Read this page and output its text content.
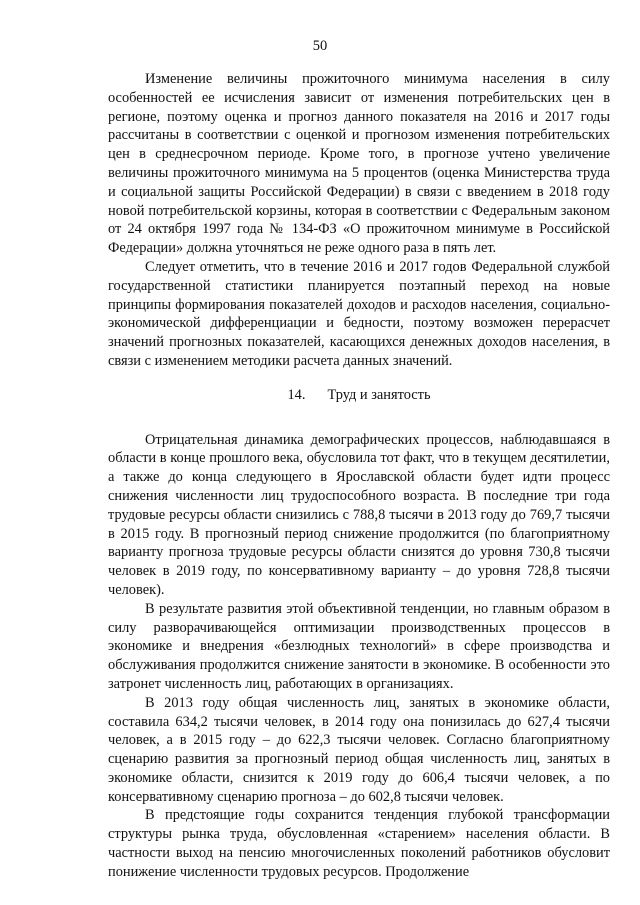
50

Изменение величины прожиточного минимума населения в силу особенностей ее исчисления зависит от изменения потребительских цен в регионе, поэтому оценка и прогноз данного показателя на 2016 и 2017 годы рассчитаны в соответствии с оценкой и прогнозом изменения потребительских цен в среднесрочном периоде. Кроме того, в прогнозе учтено увеличение величины прожиточного минимума на 5 процентов (оценка Министерства труда и социальной защиты Российской Федерации) в связи с введением в 2018 году новой потребительской корзины, которая в соответствии с Федеральным законом от 24 октября 1997 года № 134-ФЗ «О прожиточном минимуме в Российской Федерации» должна уточняться не реже одного раза в пять лет.

Следует отметить, что в течение 2016 и 2017 годов Федеральной службой государственной статистики планируется поэтапный переход на новые принципы формирования показателей доходов и расходов населения, социально-экономической дифференциации и бедности, поэтому возможен перерасчет значений прогнозных показателей, касающихся денежных доходов населения, в связи с изменением методики расчета данных значений.

14. Труд и занятость

Отрицательная динамика демографических процессов, наблюдавшаяся в области в конце прошлого века, обусловила тот факт, что в текущем десятилетии, а также до конца следующего в Ярославской области будет идти процесс снижения численности лиц трудоспособного возраста. В последние три года трудовые ресурсы области снизились с 788,8 тысячи в 2013 году до 769,7 тысячи в 2015 году. В прогнозный период снижение продолжится (по благоприятному варианту прогноза трудовые ресурсы области снизятся до уровня 730,8 тысячи человек в 2019 году, по консервативному варианту – до уровня 728,8 тысячи человек).

В результате развития этой объективной тенденции, но главным образом в силу разворачивающейся оптимизации производственных процессов в экономике и внедрения «безлюдных технологий» в сфере производства и обслуживания продолжится снижение занятости в экономике. В особенности это затронет численность лиц, работающих в организациях.

В 2013 году общая численность лиц, занятых в экономике области, составила 634,2 тысячи человек, в 2014 году она понизилась до 627,4 тысячи человек, а в 2015 году – до 622,3 тысячи человек. Согласно благоприятному сценарию развития за прогнозный период общая численность лиц, занятых в экономике области, снизится к 2019 году до 606,4 тысячи человек, а по консервативному сценарию прогноза – до 602,8 тысячи человек.

В предстоящие годы сохранится тенденция глубокой трансформации структуры рынка труда, обусловленная «старением» населения области. В частности выход на пенсию многочисленных поколений работников обусловит понижение численности трудовых ресурсов. Продолжение
